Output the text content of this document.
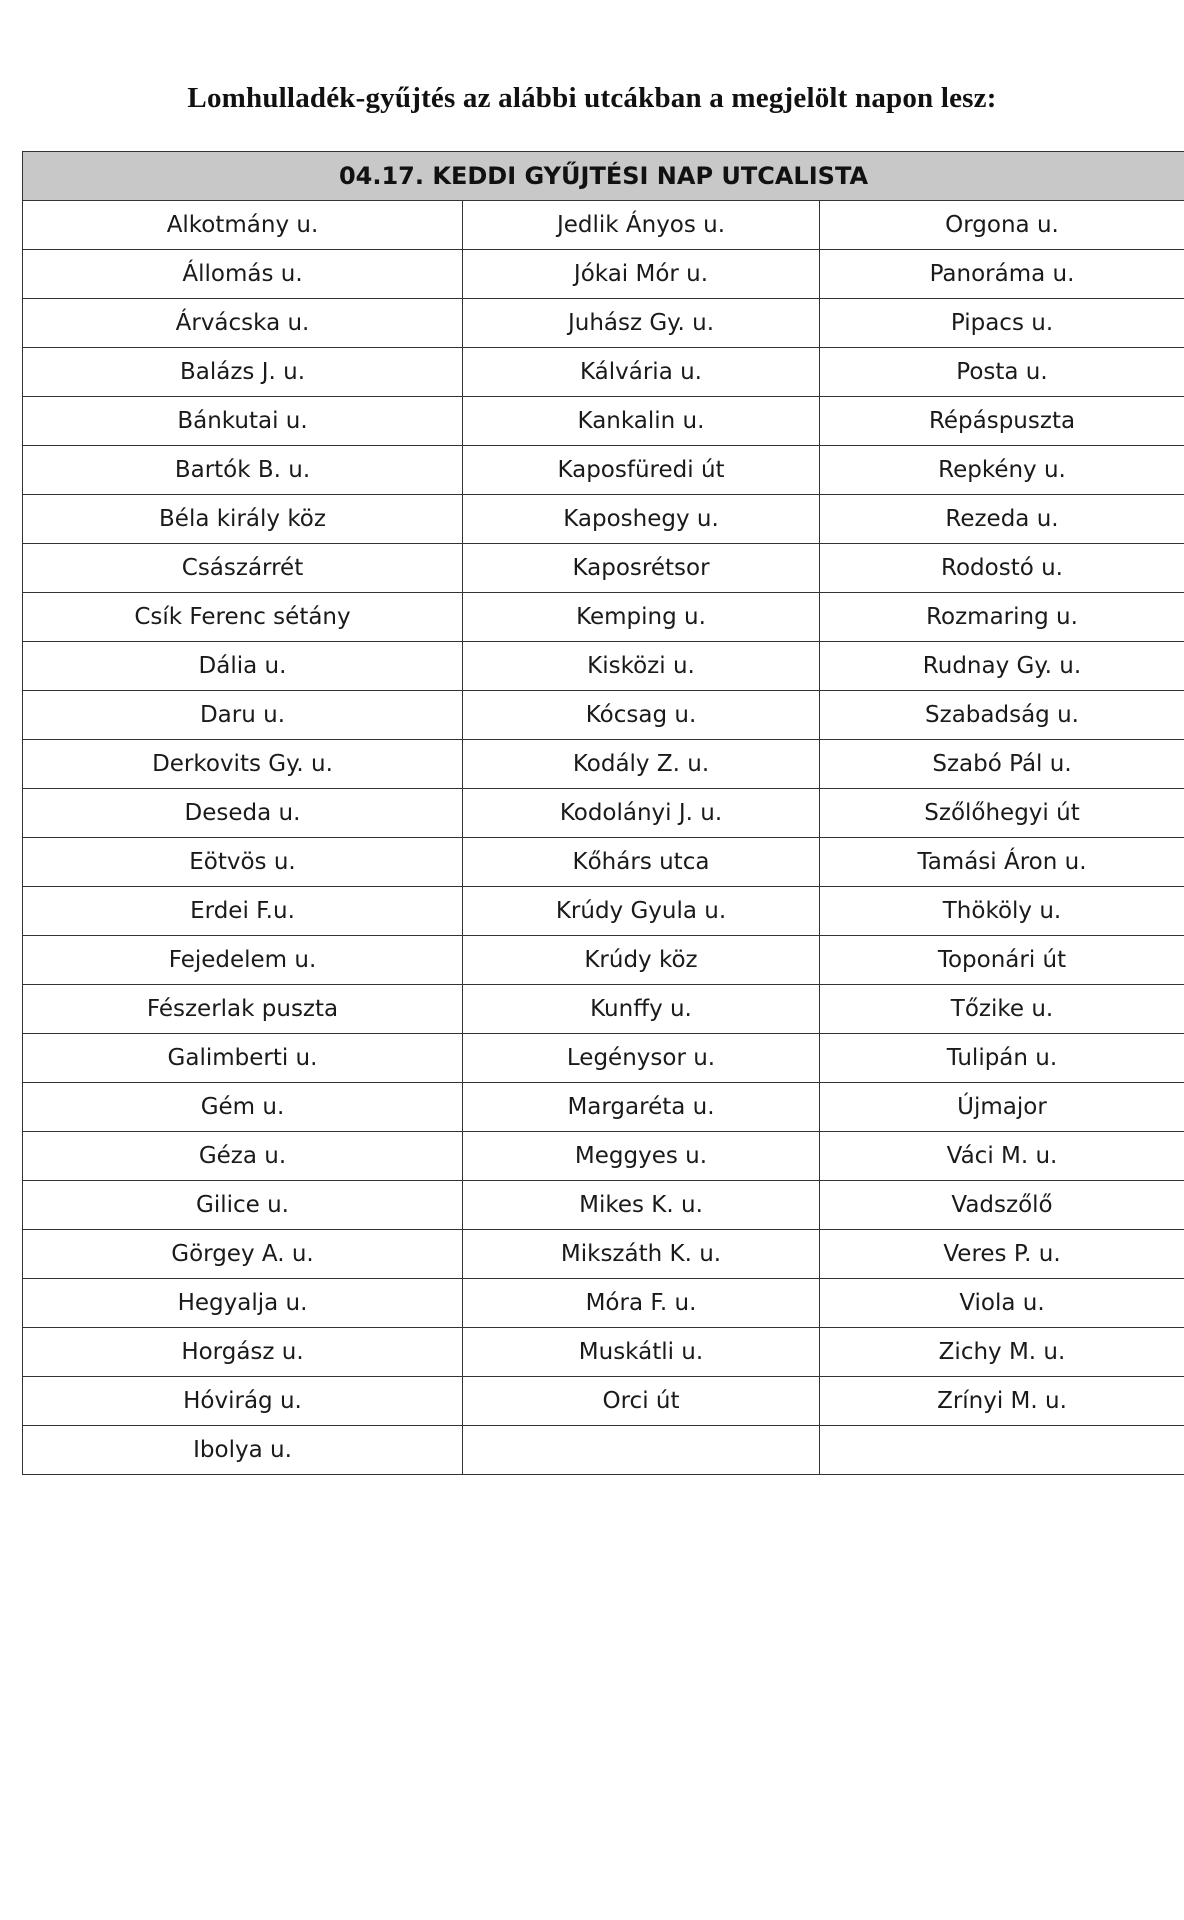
Lomhulladék-gyűjtés az alábbi utcákban a megjelölt napon lesz:
04.17. KEDDI GYŰJTÉSI NAP UTCALISTA		
Alkotmány u.	Jedlik Ányos u.	Orgona u.
Állomás u.	Jókai Mór u.	Panoráma u.
Árvácska u.	Juhász Gy. u.	Pipacs u.
Balázs J. u.	Kálvária u.	Posta u.
Bánkutai u.	Kankalin u.	Répáspuszta
Bartók B. u.	Kaposfüredi út	Repkény u.
Béla király köz	Kaposhegy u.	Rezeda u.
Császárrét	Kaposrétsor	Rodostó u.
Csík Ferenc sétány	Kemping u.	Rozmaring u.
Dália u.	Kisközi u.	Rudnay Gy. u.
Daru u.	Kócsag u.	Szabadság u.
Derkovits Gy. u.	Kodály Z. u.	Szabó Pál u.
Deseda u.	Kodolányi J. u.	Szőlőhegyi út
Eötvös u.	Kőhárs utca	Tamási Áron u.
Erdei F.u.	Krúdy Gyula u.	Thököly u.
Fejedelem u.	Krúdy köz	Toponári út
Fészerlak puszta	Kunffy u.	Tőzike u.
Galimberti u.	Legénysor u.	Tulipán u.
Gém u.	Margaréta u.	Újmajor
Géza u.	Meggyes u.	Váci M. u.
Gilice u.	Mikes K. u.	Vadszőlő
Görgey A. u.	Mikszáth K. u.	Veres P. u.
Hegyalja u.	Móra F. u.	Viola u.
Horgász u.	Muskátli u.	Zichy M. u.
Hóvirág u.	Orci út	Zrínyi M. u.
Ibolya u.		
